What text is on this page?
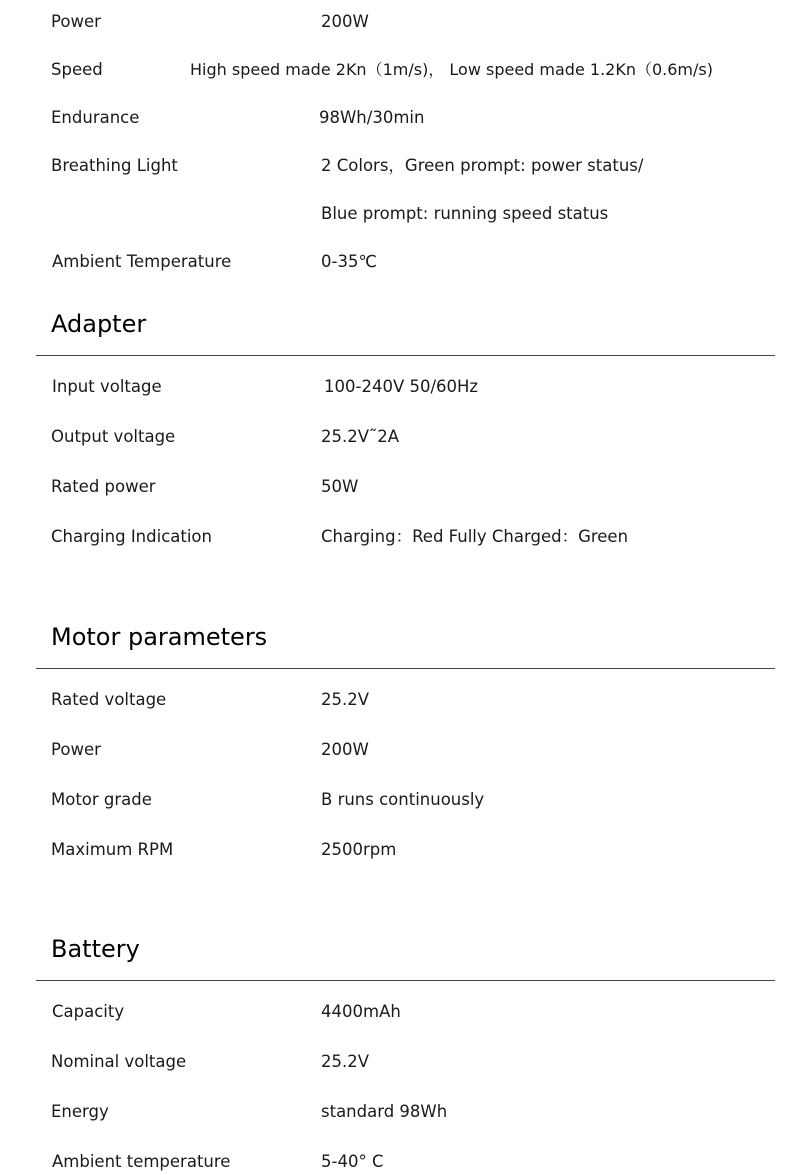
Power	200W
Speed	High speed made 2Kn（1m/s)， Low speed made 1.2Kn（0.6m/s)
Endurance	98Wh/30min
Breathing Light	2 Colors，Green prompt: power status/
Blue prompt: running speed status
Ambient Temperature	0-35℃
Adapter
Input voltage	100-240V 50/60Hz
Output voltage	25.2V˜2A
Rated power	50W
Charging Indication	Charging：Red Fully Charged：Green
Motor parameters
Rated voltage	25.2V
Power	200W
Motor grade	B runs continuously
Maximum RPM	2500rpm
Battery
Capacity	4400mAh
Nominal voltage	25.2V
Energy	standard 98Wh
Ambient temperature	5-40° C
